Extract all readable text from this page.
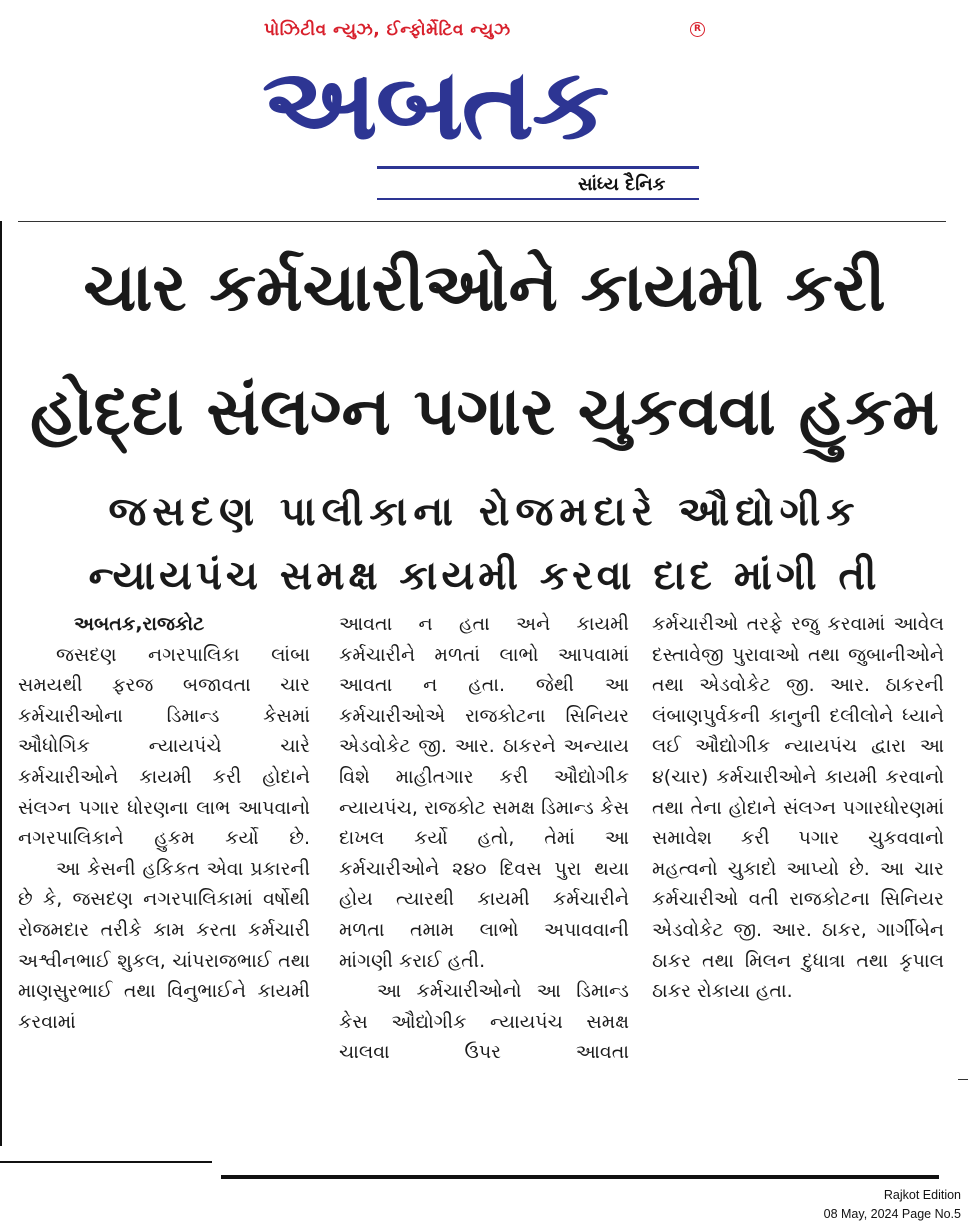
પોઝિટીવ ન્યુઝ, ઈન્ફોર્મેટિવ ન્યુઝ	R
અબતક
સાંધ્ય દૈનિક
ચાર કર્મચારીઓને કાયમી કરી
હોદ્દા સંલગ્ન પગાર ચુકવવા હુકમ
જસદણ પાલીકાના રોજમદારે ઔદ્યોગીક
ન્યાયપંચ સમક્ષ કાયમી કરવા દાદ માંગી તી

અબતક,રાજકોટ

જસદણ નગરપાલિકા લાંબા સમયથી ફરજ બજાવતા ચાર કર્મચારીઓના ડિમાન્ડ કેસમાં ઔધોગિક ન્યાયપંચે ચારે કર્મચારીઓને કાયમી કરી હોદાને સંલગ્ન પગાર ધોરણના લાભ આપવાનો નગરપાલિકાને હુકમ કર્યો છે.

આ કેસની હકિકત એવા પ્રકારની છે કે, જસદણ નગરપાલિકામાં વર્ષોથી રોજમદાર તરીકે કામ કરતા કર્મચારી અશ્વીનભાઈ શુકલ, ચાંપરાજભાઈ તથા માણસુરભાઈ તથા વિનુભાઈને કાયમી કરવામાં

આવતા ન હતા અને કાયમી કર્મચારીને મળતાં લાભો આપવામાં આવતા ન હતા. જેથી આ કર્મચારીઓએ રાજકોટના સિનિયર એડવોકેટ જી. આર. ઠાકરને અન્યાય વિશે માહીતગાર કરી ઔદ્યોગીક ન્યાયપંચ, રાજકોટ સમક્ષ ડિમાન્ડ કેસ દાખલ કર્યો હતો, તેમાં આ કર્મચારીઓને ૨૪૦ દિવસ પુરા થયા હોય ત્યારથી કાયમી કર્મચારીને મળતા તમામ લાભો અપાવવાની માંગણી કરાઈ હતી.

આ કર્મચારીઓનો આ ડિમાન્ડ કેસ ઔદ્યોગીક ન્યાયપંચ સમક્ષ ચાલવા ઉપર આવતા

કર્મચારીઓ તરફે રજુ કરવામાં આવેલ દસ્તાવેજી પુરાવાઓ તથા જુબાનીઓને તથા એડવોકેટ જી. આર. ઠાકરની લંબાણપુર્વકની કાનુની દલીલોને ધ્યાને લઈ ઔદ્યોગીક ન્યાયપંચ દ્વારા આ ૪(ચાર) કર્મચારીઓને કાયમી કરવાનો તથા તેના હોદાને સંલગ્ન પગારધોરણમાં સમાવેશ કરી પગાર ચુકવવાનો મહત્વનો ચુકાદો આપ્યો છે. આ ચાર કર્મચારીઓ વતી રાજકોટના સિનિયર એડવોકેટ જી. આર. ઠાકર, ગાર્ગીબેન ઠાકર તથા મિલન દુધાત્રા તથા કૃપાલ ઠાકર રોકાયા હતા.

Rajkot Edition
08 May, 2024 Page No.5
